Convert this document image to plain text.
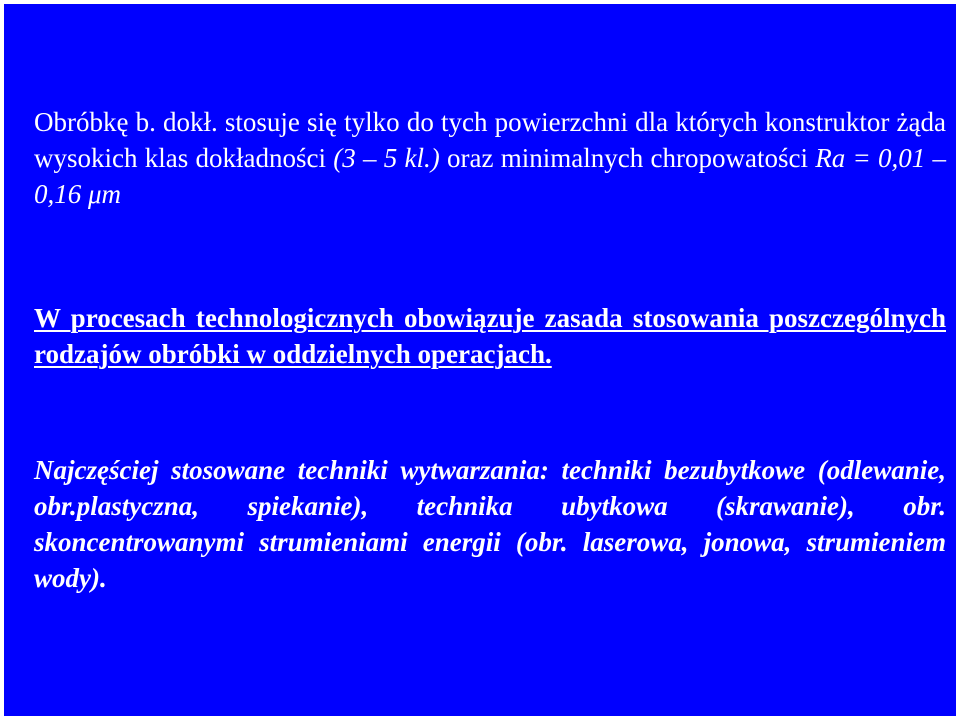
Obróbkę b. dokł. stosuje się tylko do tych powierzchni dla których konstruktor żąda wysokich klas dokładności (3 – 5 kl.) oraz minimalnych chropowatości Ra = 0,01 – 0,16 μm
W procesach technologicznych obowiązuje zasada stosowania poszczególnych rodzajów obróbki w oddzielnych operacjach.
Najczęściej stosowane techniki wytwarzania: techniki bezubytkowe (odlewanie, obr.plastyczna, spiekanie), technika ubytkowa (skrawanie), obr. skoncentrowanymi strumieniami energii (obr. laserowa, jonowa, strumieniem wody).
